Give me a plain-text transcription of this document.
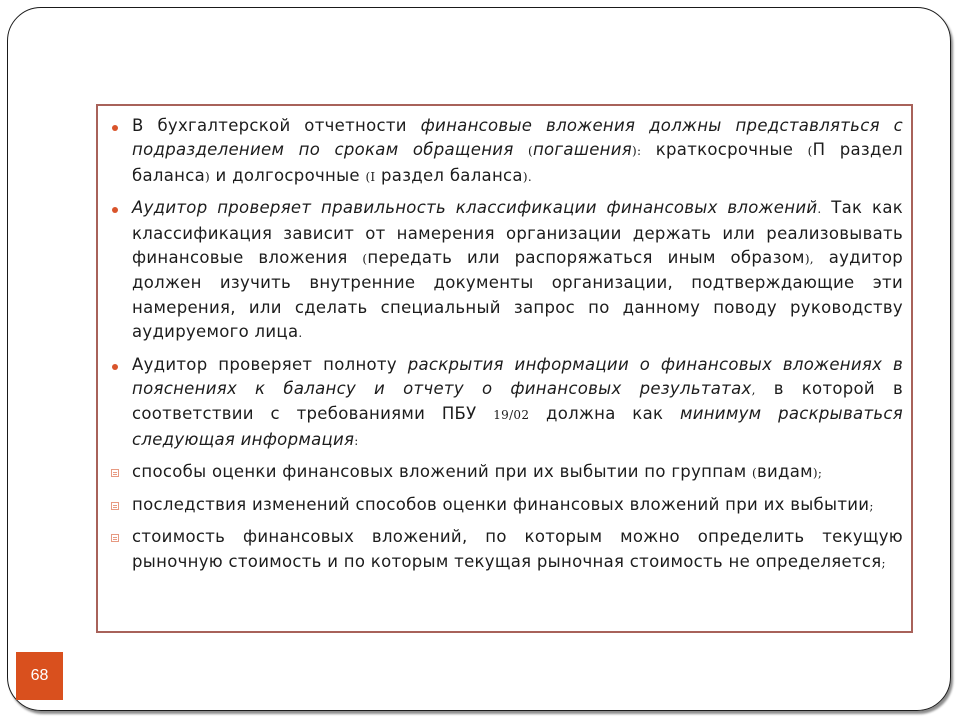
В бухгалтерской отчетности финансовые вложения должны представляться с подразделением по срокам обращения (погашения): краткосрочные (П раздел баланса) и долгосрочные (I раздел баланса).
Аудитор проверяет правильность классификации финансовых вложений. Так как классификация зависит от намерения организации держать или реализовывать финансовые вложения (передать или распоряжаться иным образом), аудитор должен изучить внутренние документы организации, подтверждающие эти намерения, или сделать специальный запрос по данному поводу руководству аудируемого лица.
Аудитор проверяет полноту раскрытия информации о финансовых вложениях в пояснениях к балансу и отчету о финансовых результатах, в которой в соответствии с требованиями ПБУ 19/02 должна как минимум раскрываться следующая информация:
способы оценки финансовых вложений при их выбытии по группам (видам);
последствия изменений способов оценки финансовых вложений при их выбытии;
стоимость финансовых вложений, по которым можно определить текущую рыночную стоимость и по которым текущая рыночная стоимость не определяется;
68
